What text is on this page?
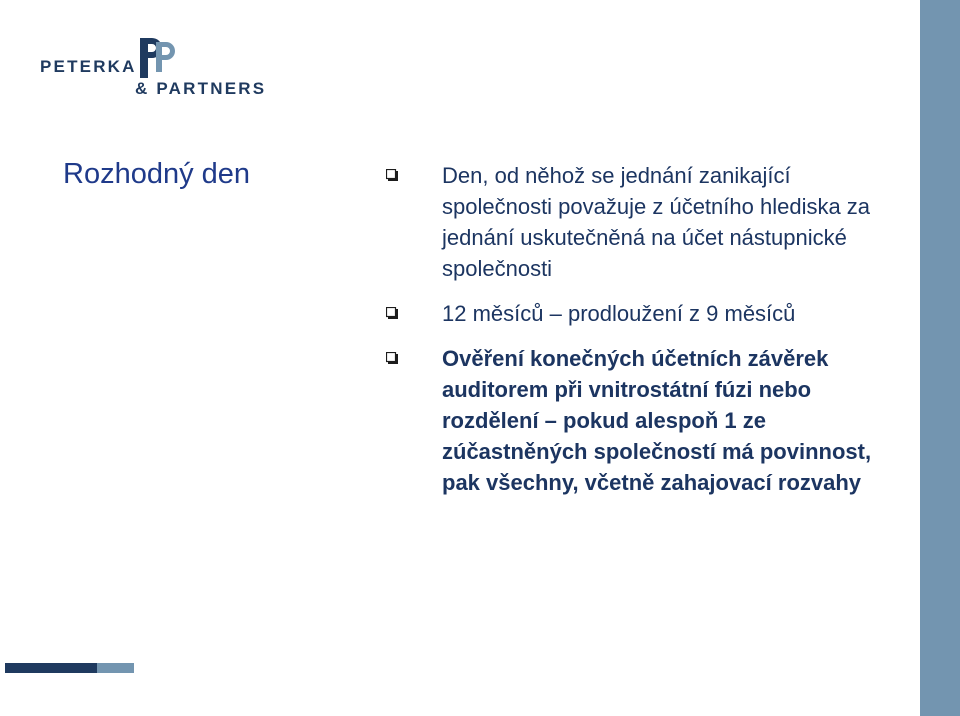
PETERKA
& PARTNERS
Rozhodný den	Den, od něhož se jednání zanikající společnosti považuje z účetního hlediska za jednání uskutečněná na účet nástupnické společnosti
12 měsíců – prodloužení z 9 měsíců
Ověření konečných účetních závěrek auditorem při vnitrostátní fúzi nebo rozdělení – pokud alespoň 1 ze zúčastněných společností má povinnost, pak všechny, včetně zahajovací rozvahy
